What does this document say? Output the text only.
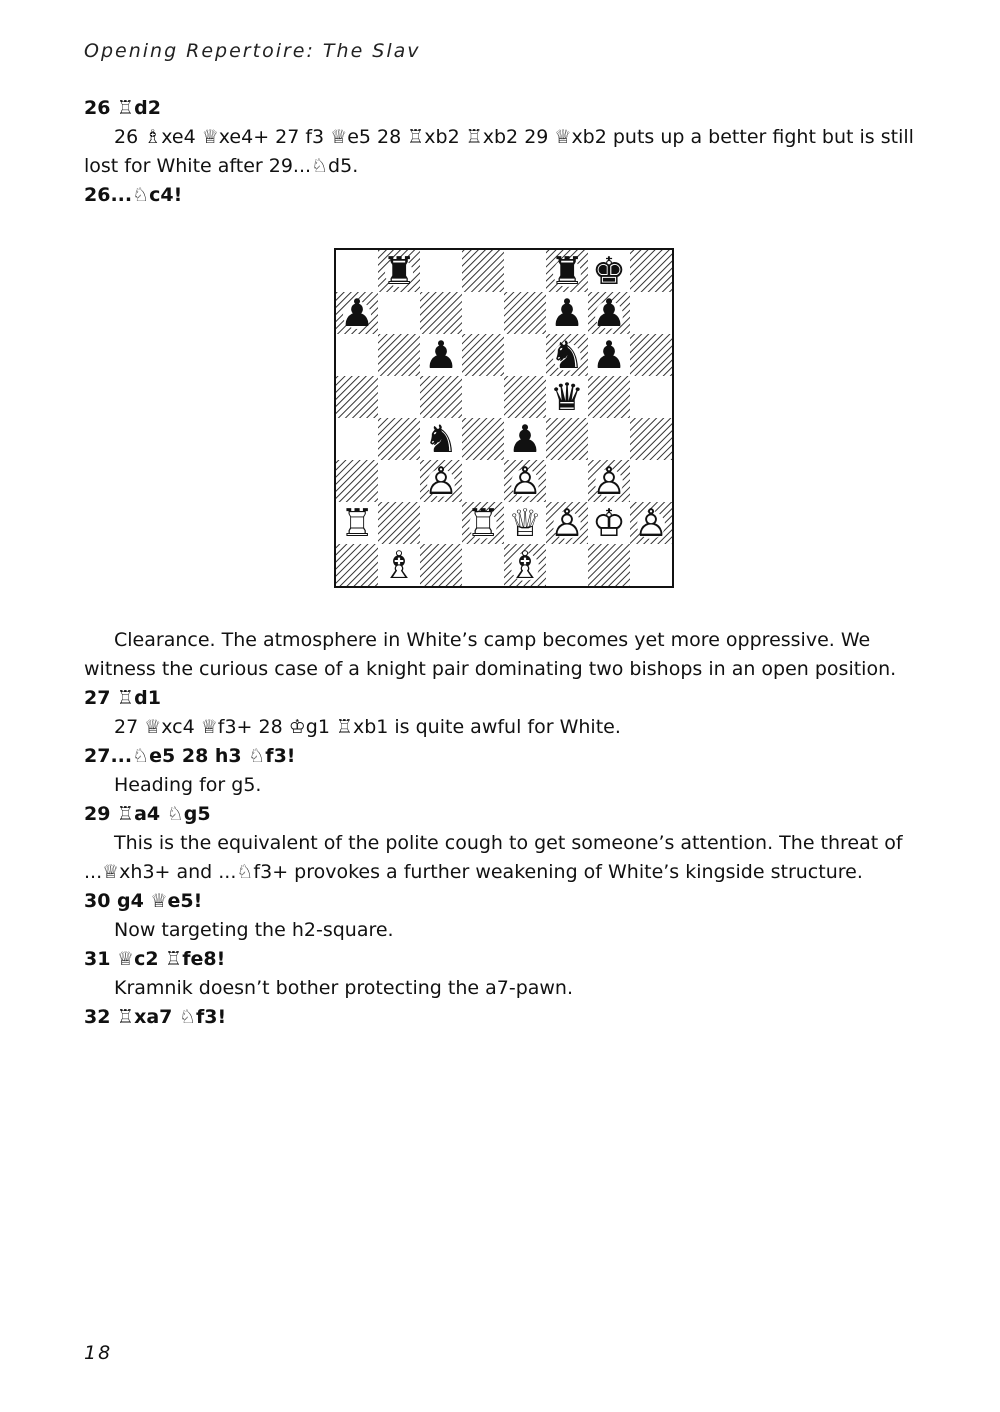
Opening Repertoire: The Slav

26 ♖d2

26 ♗xe4 ♕xe4+ 27 f3 ♕e5 28 ♖xb2 ♖xb2 29 ♕xb2 puts up a better fight but is still lost for White after 29...♘d5.

26...♘c4!

♜	♜ ♚
♟	♟ ♟
♟ ♞ ♟
♛
♞ ♟
♙ ♙ ♙
♖ ♖ ♕ ♙ ♔ ♙
♗ ♗

Clearance. The atmosphere in White’s camp becomes yet more oppressive. We witness the curious case of a knight pair dominating two bishops in an open position.

27 ♖d1

27 ♕xc4 ♕f3+ 28 ♔g1 ♖xb1 is quite awful for White.

27...♘e5 28 h3 ♘f3!

Heading for g5.

29 ♖a4 ♘g5

This is the equivalent of the polite cough to get someone’s attention. The threat of ...♕xh3+ and ...♘f3+ provokes a further weakening of White’s kingside structure.

30 g4 ♕e5!

Now targeting the h2-square.

31 ♕c2 ♖fe8!

Kramnik doesn’t bother protecting the a7-pawn.

32 ♖xa7 ♘f3!

18
